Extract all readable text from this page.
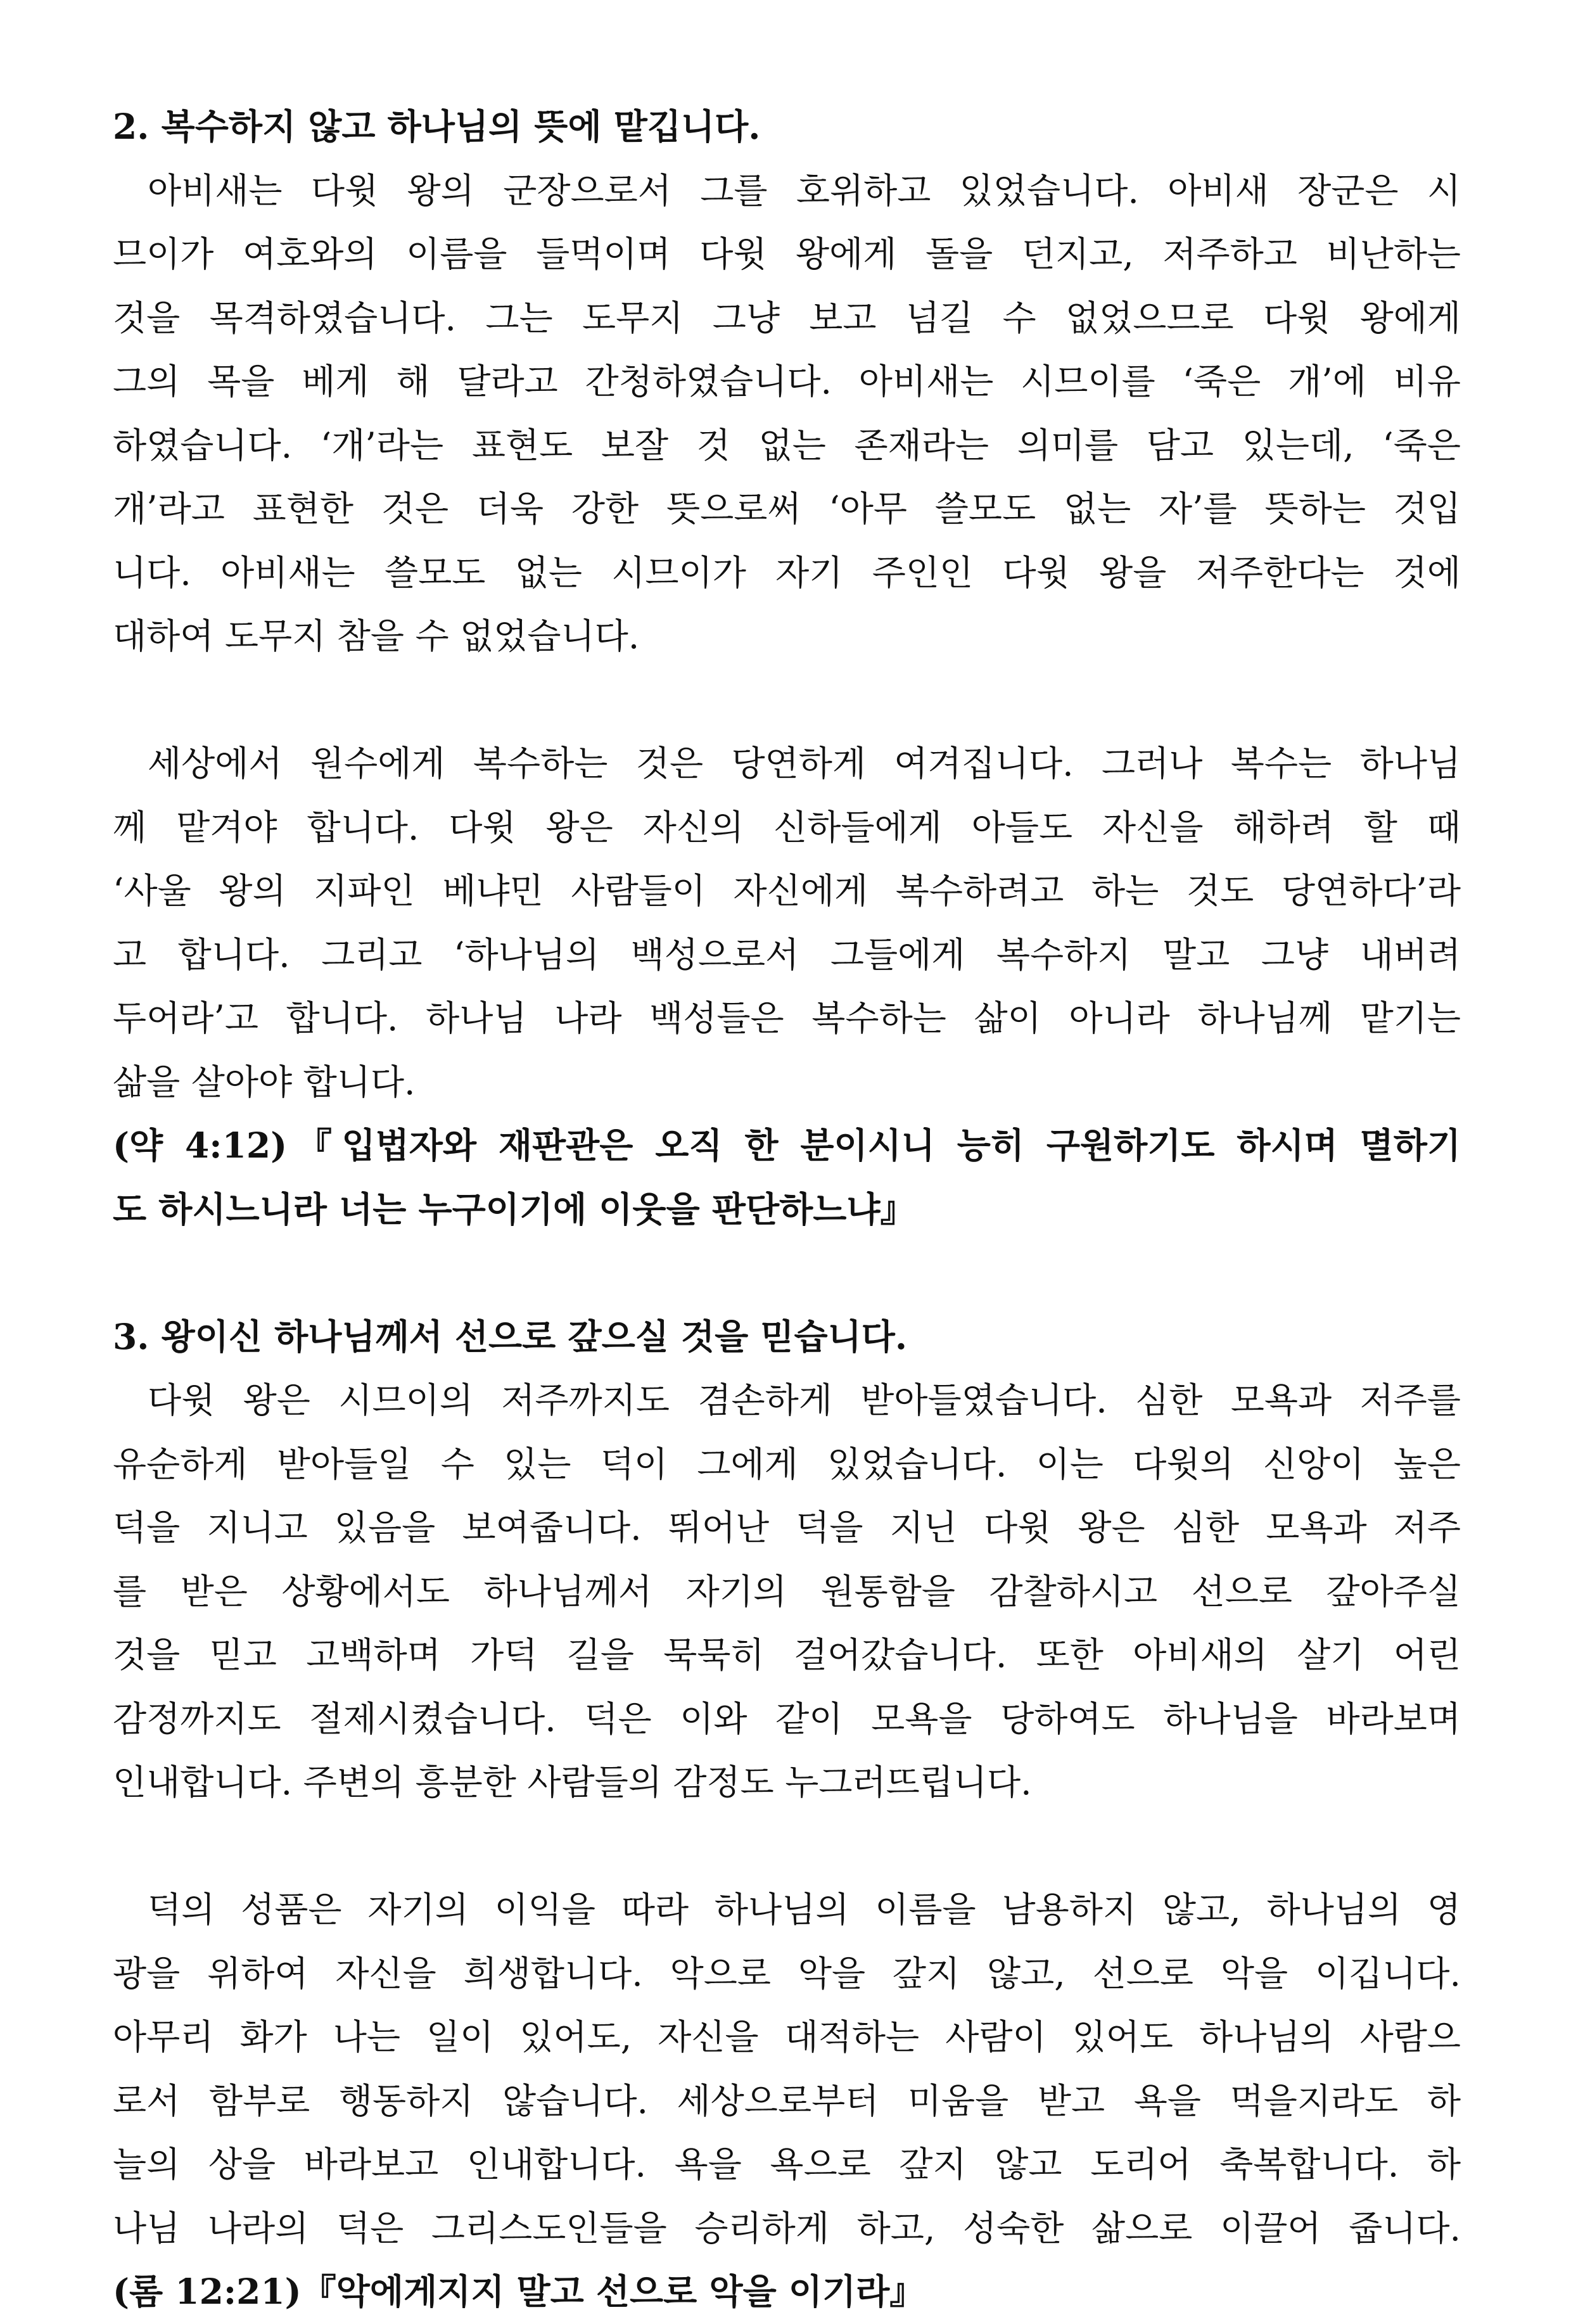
2. 복수하지 않고 하나님의 뜻에 맡깁니다.
아비새는 다윗 왕의 군장으로서 그를 호위하고 있었습니다. 아비새 장군은 시
므이가 여호와의 이름을 들먹이며 다윗 왕에게 돌을 던지고, 저주하고 비난하는
것을 목격하였습니다. 그는 도무지 그냥 보고 넘길 수 없었으므로 다윗 왕에게
그의 목을 베게 해 달라고 간청하였습니다. 아비새는 시므이를 ‘죽은 개’에 비유
하였습니다. ‘개’라는 표현도 보잘 것 없는 존재라는 의미를 담고 있는데, ‘죽은
개’라고 표현한 것은 더욱 강한 뜻으로써 ‘아무 쓸모도 없는 자’를 뜻하는 것입
니다. 아비새는 쓸모도 없는 시므이가 자기 주인인 다윗 왕을 저주한다는 것에
대하여 도무지 참을 수 없었습니다.
세상에서 원수에게 복수하는 것은 당연하게 여겨집니다. 그러나 복수는 하나님
께 맡겨야 합니다. 다윗 왕은 자신의 신하들에게 아들도 자신을 해하려 할 때
‘사울 왕의 지파인 베냐민 사람들이 자신에게 복수하려고 하는 것도 당연하다’라
고 합니다. 그리고 ‘하나님의 백성으로서 그들에게 복수하지 말고 그냥 내버려
두어라’고 합니다. 하나님 나라 백성들은 복수하는 삶이 아니라 하나님께 맡기는
삶을 살아야 합니다.
(약 4:12)『입법자와 재판관은 오직 한 분이시니 능히 구원하기도 하시며 멸하기
도 하시느니라 너는 누구이기에 이웃을 판단하느냐』
3. 왕이신 하나님께서 선으로 갚으실 것을 믿습니다.
다윗 왕은 시므이의 저주까지도 겸손하게 받아들였습니다. 심한 모욕과 저주를
유순하게 받아들일 수 있는 덕이 그에게 있었습니다. 이는 다윗의 신앙이 높은
덕을 지니고 있음을 보여줍니다. 뛰어난 덕을 지닌 다윗 왕은 심한 모욕과 저주
를 받은 상황에서도 하나님께서 자기의 원통함을 감찰하시고 선으로 갚아주실
것을 믿고 고백하며 가덕 길을 묵묵히 걸어갔습니다. 또한 아비새의 살기 어린
감정까지도 절제시켰습니다. 덕은 이와 같이 모욕을 당하여도 하나님을 바라보며
인내합니다. 주변의 흥분한 사람들의 감정도 누그러뜨립니다.
덕의 성품은 자기의 이익을 따라 하나님의 이름을 남용하지 않고, 하나님의 영
광을 위하여 자신을 희생합니다. 악으로 악을 갚지 않고, 선으로 악을 이깁니다.
아무리 화가 나는 일이 있어도, 자신을 대적하는 사람이 있어도 하나님의 사람으
로서 함부로 행동하지 않습니다. 세상으로부터 미움을 받고 욕을 먹을지라도 하
늘의 상을 바라보고 인내합니다. 욕을 욕으로 갚지 않고 도리어 축복합니다. 하
나님 나라의 덕은 그리스도인들을 승리하게 하고, 성숙한 삶으로 이끌어 줍니다.
(롬 12:21)『악에게지지 말고 선으로 악을 이기라』
